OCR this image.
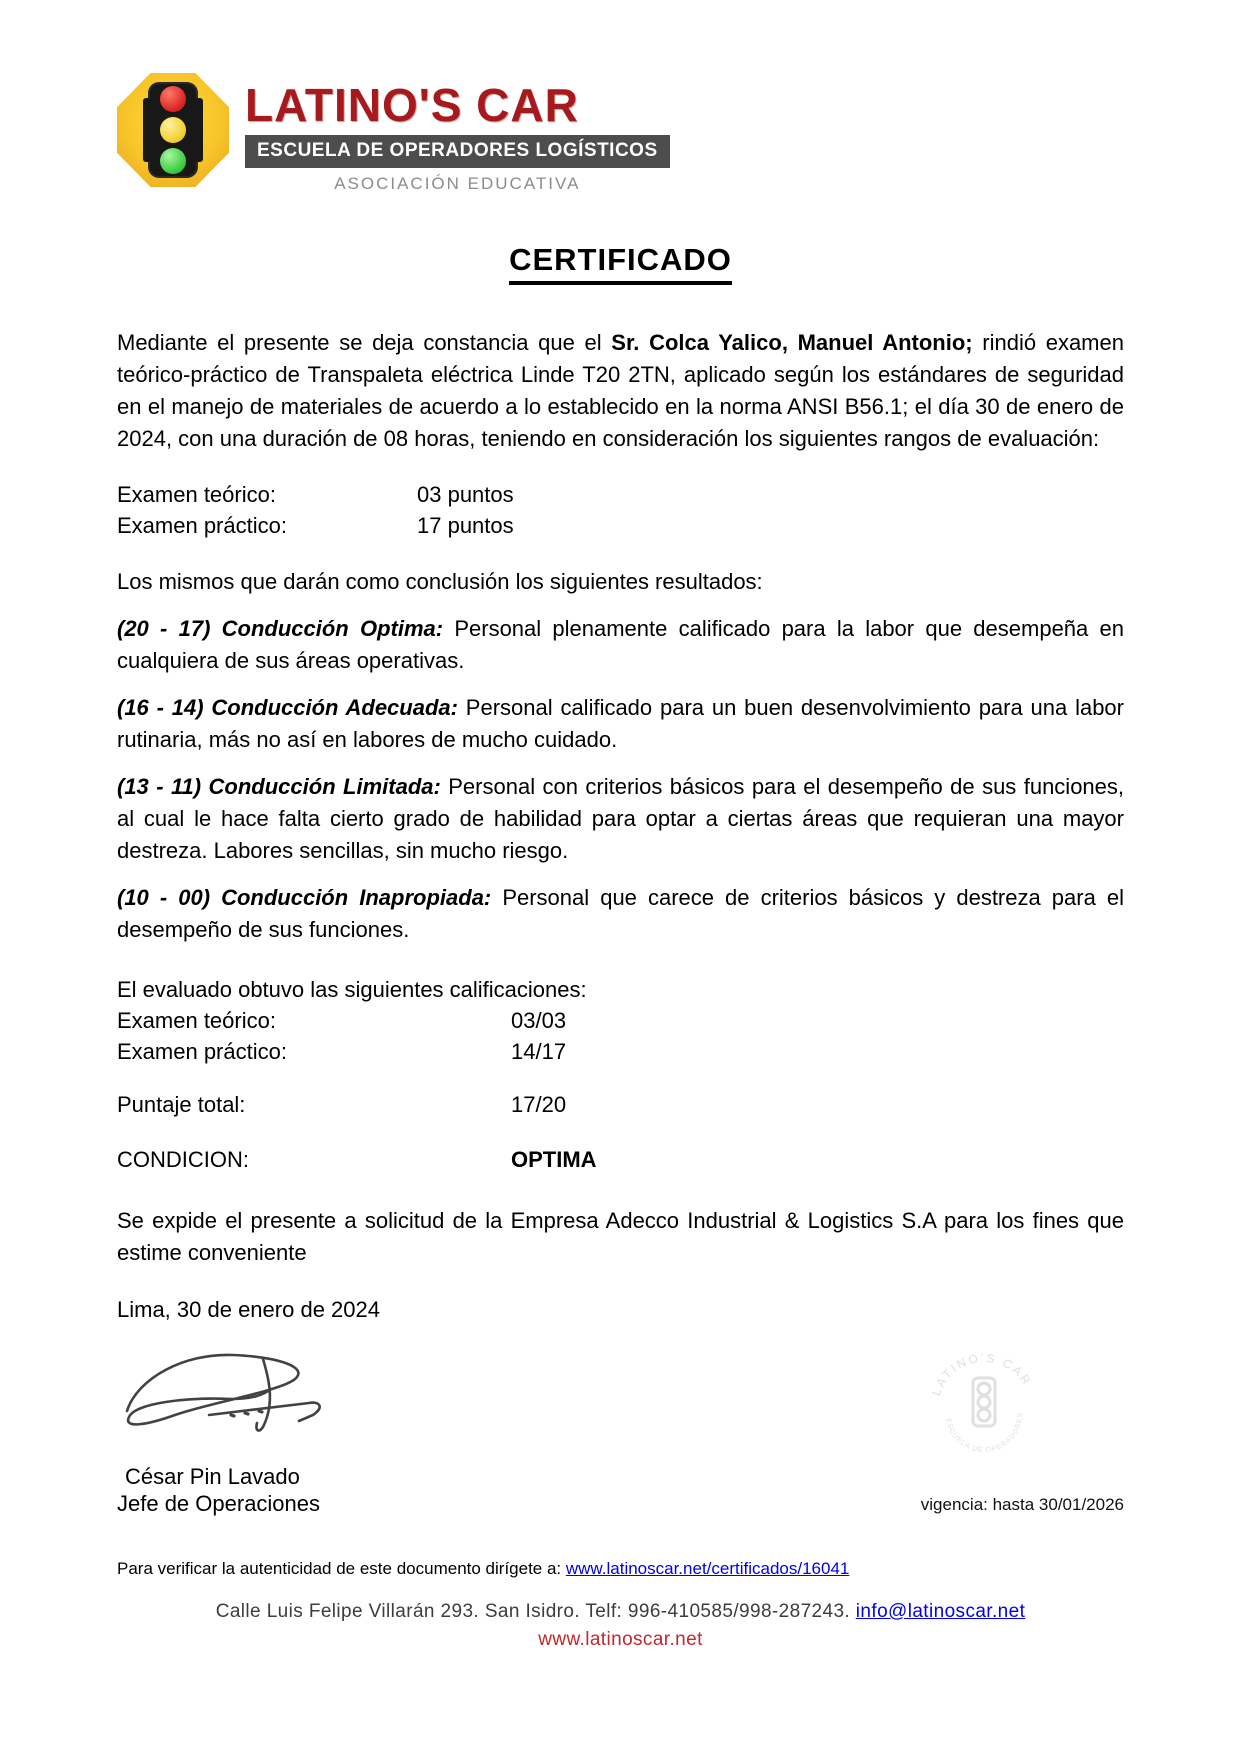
LATINO'S CAR
ESCUELA DE OPERADORES LOGÍSTICOS
ASOCIACIÓN EDUCATIVA
CERTIFICADO

Mediante el presente se deja constancia que el Sr. Colca Yalico, Manuel Antonio; rindió examen teórico-práctico de Transpaleta eléctrica Linde T20 2TN, aplicado según los estándares de seguridad en el manejo de materiales de acuerdo a lo establecido en la norma ANSI B56.1; el día 30 de enero de 2024, con una duración de 08 horas, teniendo en consideración los siguientes rangos de evaluación:

Examen teórico:	03 puntos
Examen práctico:	17 puntos

Los mismos que darán como conclusión los siguientes resultados:

(20 - 17) Conducción Optima: Personal plenamente calificado para la labor que desempeña en cualquiera de sus áreas operativas.

(16 - 14) Conducción Adecuada: Personal calificado para un buen desenvolvimiento para una labor rutinaria, más no así en labores de mucho cuidado.

(13 - 11) Conducción Limitada: Personal con criterios básicos para el desempeño de sus funciones, al cual le hace falta cierto grado de habilidad para optar a ciertas áreas que requieran una mayor destreza. Labores sencillas, sin mucho riesgo.

(10 - 00) Conducción Inapropiada: Personal que carece de criterios básicos y destreza para el desempeño de sus funciones.

El evaluado obtuvo las siguientes calificaciones:
Examen teórico:	03/03
Examen práctico:	14/17
Puntaje total:	17/20
CONDICION:	OPTIMA

Se expide el presente a solicitud de la Empresa Adecco Industrial & Logistics S.A para los fines que estime conveniente

Lima, 30 de enero de 2024

César Pin Lavado
Jefe de Operaciones	vigencia: hasta 30/01/2026
Para verificar la autenticidad de este documento dirígete a: www.latinoscar.net/certificados/16041
Calle Luis Felipe Villarán 293. San Isidro. Telf: 996-410585/998-287243. info@latinoscar.net
www.latinoscar.net
LATINO'S CAR
ESCUELA DE OPERADORES
